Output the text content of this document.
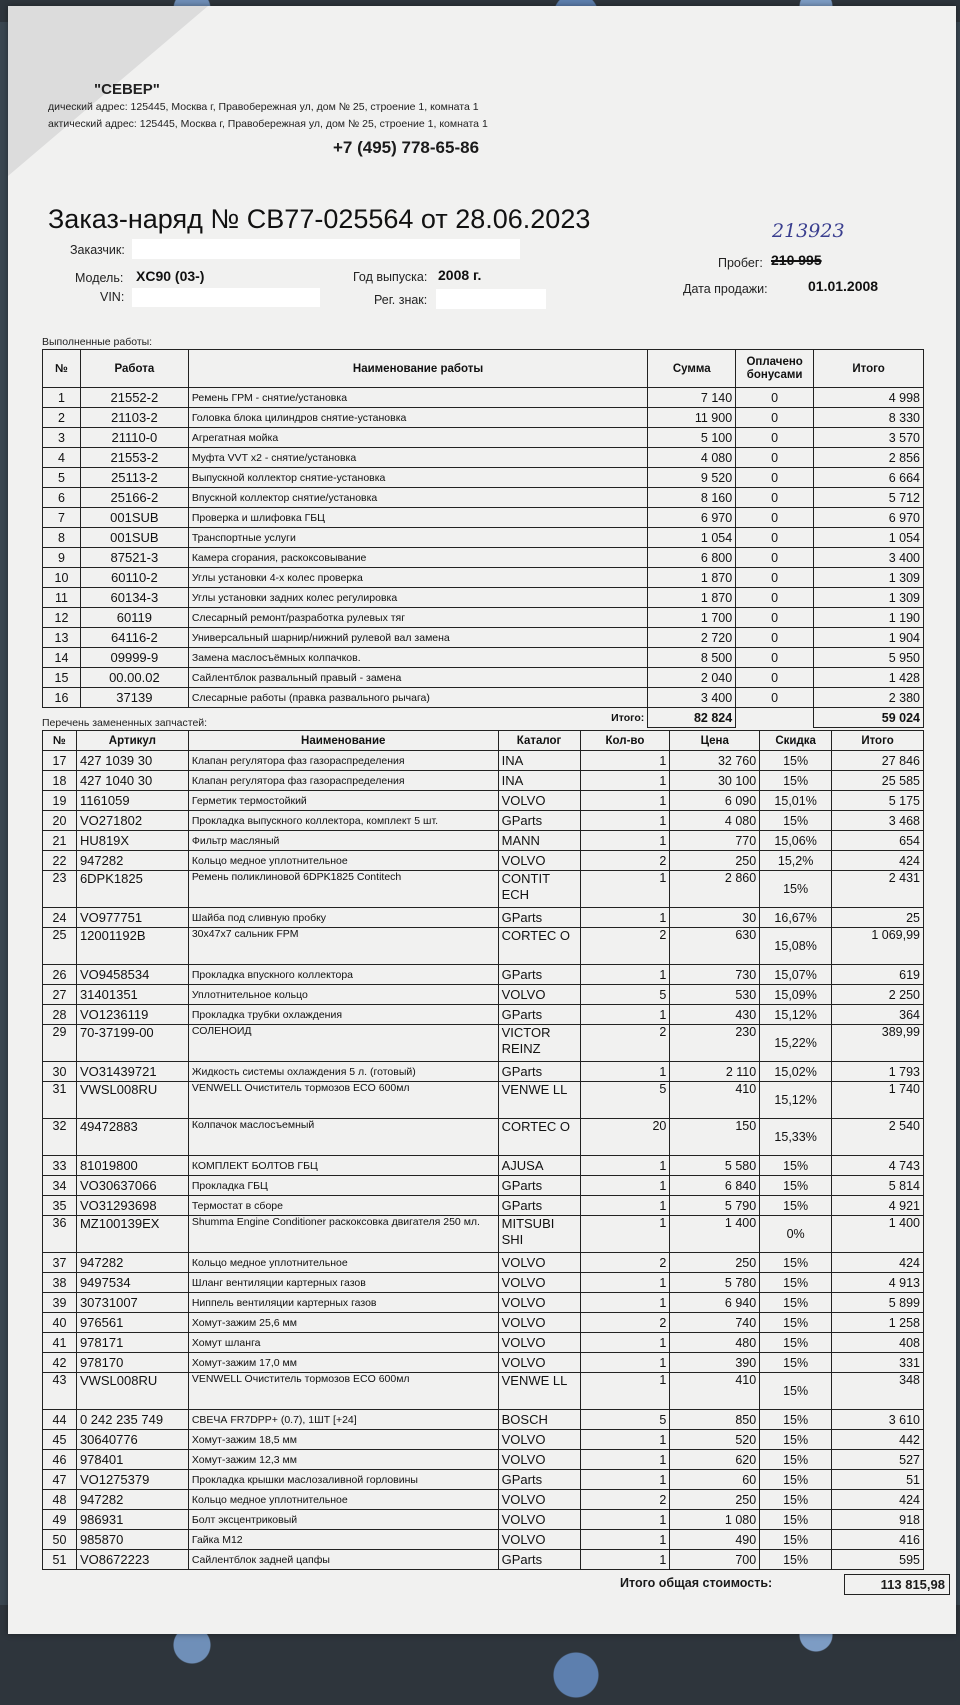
"СЕВЕР"
дический адрес: 125445, Москва г, Правобережная ул, дом № 25, строение 1, комната 1
актический адрес: 125445, Москва г, Правобережная ул, дом № 25, строение 1, комната 1
+7 (495) 778-65-86
Заказ-наряд № СВ77-025564 от 28.06.2023
Заказчик:
Модель: XC90 (03-)
VIN:
Год выпуска: 2008 г.
Рег. знак:
213923
Пробег: 210 995
Дата продажи:	01.01.2008
Выполненные работы:
№	Работа	Наименование работы	Сумма	Оплачено бонусами	Итого
1	21552-2	Ремень ГРМ - снятие/установка	7 140	0	4 998
2	21103-2	Головка блока цилиндров снятие-установка	11 900	0	8 330
3	21110-0	Агрегатная мойка	5 100	0	3 570
4	21553-2	Муфта VVT x2 - снятие/установка	4 080	0	2 856
5	25113-2	Выпускной коллектор снятие-установка	9 520	0	6 664
6	25166-2	Впускной коллектор снятие/установка	8 160	0	5 712
7	001SUB	Проверка и шлифовка ГБЦ	6 970	0	6 970
8	001SUB	Транспортные услуги	1 054	0	1 054
9	87521-3	Камера сгорания, раскоксовывание	6 800	0	3 400
10	60110-2	Углы установки 4-х колес проверка	1 870	0	1 309
11	60134-3	Углы установки задних колес регулировка	1 870	0	1 309
12	60119	Слесарный ремонт/разработка рулевых тяг	1 700	0	1 190
13	64116-2	Универсальный шарнир/нижний рулевой вал замена	2 720	0	1 904
14	09999-9	Замена маслосъёмных колпачков.	8 500	0	5 950
15	00.00.02	Сайлентблок развальный правый - замена	2 040	0	1 428
16	37139	Слесарные работы (правка развального рычага)	3 400	0	2 380
Итого:			82 824		59 024
Перечень замененных запчастей:
№	Артикул	Наименование	Каталог	Кол-во	Цена	Скидка	Итого
17	427 1039 30	Клапан регулятора фаз газораспределения	INA	1	32 760	15%	27 846
18	427 1040 30	Клапан регулятора фаз газораспределения	INA	1	30 100	15%	25 585
19	1161059	Герметик термостойкий	VOLVO	1	6 090	15,01%	5 175
20	VO271802	Прокладка выпускного коллектора, комплект 5 шт.	GParts	1	4 080	15%	3 468
21	HU819X	Фильтр масляный	MANN	1	770	15,06%	654
22	947282	Кольцо медное уплотнительное	VOLVO	2	250	15,2%	424
23	6DPK1825	Ремень поликлиновой 6DPK1825 Contitech	CONTIT ECH	1	2 860	15%	2 431
24	VO977751	Шайба под сливную пробку	GParts	1	30	16,67%	25
25	12001192B	30x47x7 сальник FPM	CORTEC O	2	630	15,08%	1 069,99
26	VO9458534	Прокладка впускного коллектора	GParts	1	730	15,07%	619
27	31401351	Уплотнительное кольцо	VOLVO	5	530	15,09%	2 250
28	VO1236119	Прокладка трубки охлаждения	GParts	1	430	15,12%	364
29	70-37199-00	СОЛЕНОИД	VICTOR REINZ	2	230	15,22%	389,99
30	VO31439721	Жидкость системы охлаждения 5 л. (готовый)	GParts	1	2 110	15,02%	1 793
31	VWSL008RU	VENWELL Очиститель тормозов ECO 600мл	VENWE LL	5	410	15,12%	1 740
32	49472883	Колпачок маслосъемный	CORTEC O	20	150	15,33%	2 540
33	81019800	КОМПЛЕКТ БОЛТОВ ГБЦ	AJUSA	1	5 580	15%	4 743
34	VO30637066	Прокладка ГБЦ	GParts	1	6 840	15%	5 814
35	VO31293698	Термостат в сборе	GParts	1	5 790	15%	4 921
36	MZ100139EX	Shumma Engine Conditioner раскоксовка двигателя 250 мл.	MITSUBI SHI	1	1 400	0%	1 400
37	947282	Кольцо медное уплотнительное	VOLVO	2	250	15%	424
38	9497534	Шланг вентиляции картерных газов	VOLVO	1	5 780	15%	4 913
39	30731007	Ниппель вентиляции картерных газов	VOLVO	1	6 940	15%	5 899
40	976561	Хомут-зажим 25,6 мм	VOLVO	2	740	15%	1 258
41	978171	Хомут шланга	VOLVO	1	480	15%	408
42	978170	Хомут-зажим 17,0 мм	VOLVO	1	390	15%	331
43	VWSL008RU	VENWELL Очиститель тормозов ECO 600мл	VENWE LL	1	410	15%	348
44	0 242 235 749	СВЕЧА FR7DPP+ (0.7), 1ШТ [+24]	BOSCH	5	850	15%	3 610
45	30640776	Хомут-зажим 18,5 мм	VOLVO	1	520	15%	442
46	978401	Хомут-зажим 12,3 мм	VOLVO	1	620	15%	527
47	VO1275379	Прокладка крышки маслозаливной горловины	GParts	1	60	15%	51
48	947282	Кольцо медное уплотнительное	VOLVO	2	250	15%	424
49	986931	Болт эксцентриковый	VOLVO	1	1 080	15%	918
50	985870	Гайка М12	VOLVO	1	490	15%	416
51	VO8672223	Сайлентблок задней цапфы	GParts	1	700	15%	595
Итого общая стоимость:	113 815,98
